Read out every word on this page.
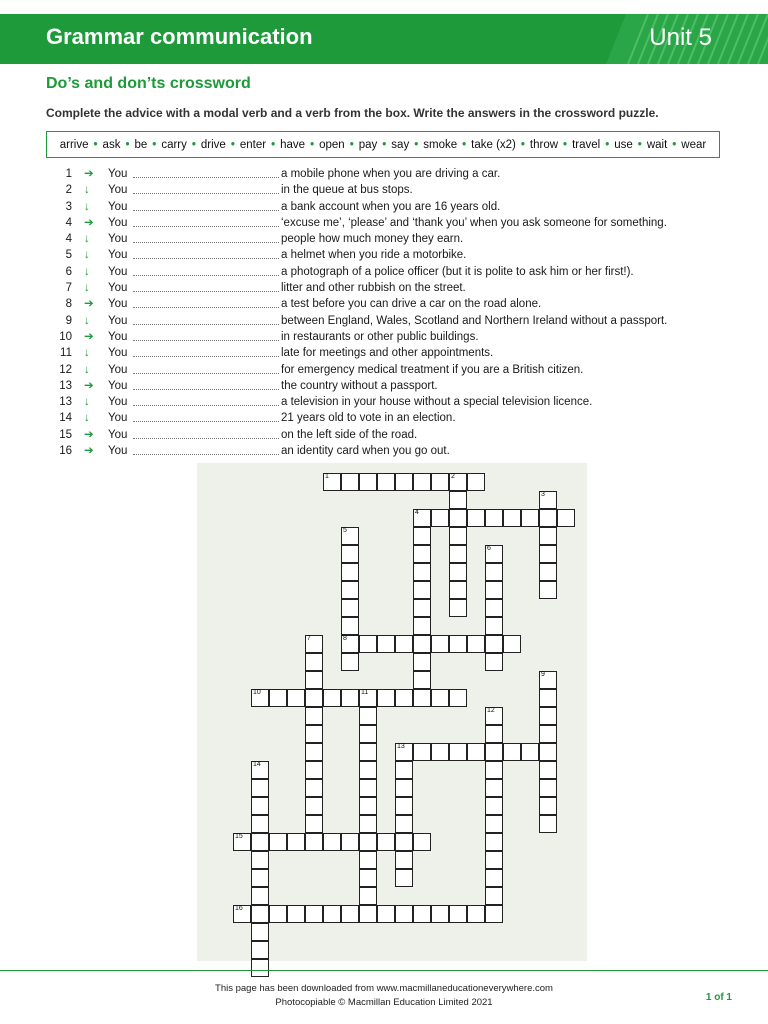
Grammar communication	Unit 5
Do’s and don’ts crossword
Complete the advice with a modal verb and a verb from the box. Write the answers in the crossword puzzle.
arrive • ask • be • carry • drive • enter • have • open • pay • say • smoke • take (x2) • throw • travel • use • wait • wear
1 ➔ You	a mobile phone when you are driving a car.
2 ↓ You	in the queue at bus stops.
3 ↓ You	a bank account when you are 16 years old.
4 ➔ You	‘excuse me’, ‘please’ and ‘thank you’ when you ask someone for something.
4 ↓ You	people how much money they earn.
5 ↓ You	a helmet when you ride a motorbike.
6 ↓ You	a photograph of a police officer (but it is polite to ask him or her first!).
7 ↓ You	litter and other rubbish on the street.
8 ➔ You	a test before you can drive a car on the road alone.
9 ↓ You	between England, Wales, Scotland and Northern Ireland without a passport.
10 ➔ You	in restaurants or other public buildings.
11 ↓ You	late for meetings and other appointments.
12 ↓ You	for emergency medical treatment if you are a British citizen.
13 ➔ You	the country without a passport.
13 ↓ You	a television in your house without a special television licence.
14 ↓ You	21 years old to vote in an election.
15 ➔ You	on the left side of the road.
16 ➔ You	an identity card when you go out.
1	2
3
4
5
8
6
7
9
10	11
12
13
14
15
16
This page has been downloaded from www.macmillaneducationeverywhere.com
Photocopiable © Macmillan Education Limited 2021	1 of 1
